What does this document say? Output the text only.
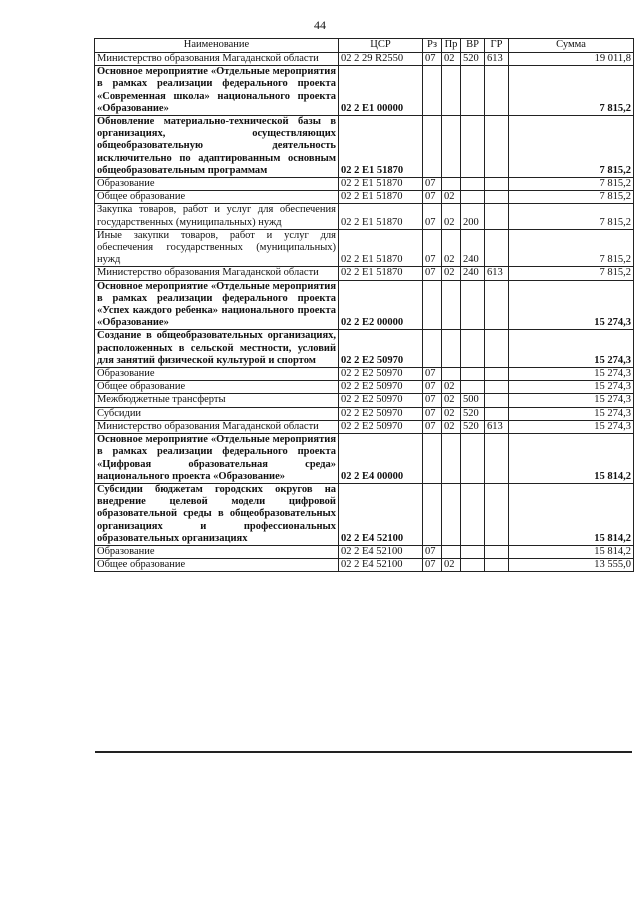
44
Наименование	ЦСР	Рз	Пр	ВР	ГР	Сумма
Министерство образования Магаданской области	02 2 29 R2550	07	02	520	613	19 011,8
Основное мероприятие «Отдельные мероприятия в рамках реализации федерального проекта «Современная школа» национального проекта «Образование»	02 2 E1 00000					7 815,2
Обновление материально-технической базы в организациях, осуществляющих общеобразовательную деятельность исключительно по адаптированным основным общеобразовательным программам	02 2 E1 51870					7 815,2
Образование	02 2 E1 51870	07				7 815,2
Общее образование	02 2 E1 51870	07	02			7 815,2
Закупка товаров, работ и услуг для обеспечения государственных (муниципальных) нужд	02 2 E1 51870	07	02	200		7 815,2
Иные закупки товаров, работ и услуг для обеспечения государственных (муниципальных) нужд	02 2 E1 51870	07	02	240		7 815,2
Министерство образования Магаданской области	02 2 E1 51870	07	02	240	613	7 815,2
Основное мероприятие «Отдельные мероприятия в рамках реализации федерального проекта «Успех каждого ребенка» национального проекта «Образование»	02 2 E2 00000					15 274,3
Создание в общеобразовательных организациях, расположенных в сельской местности, условий для занятий физической культурой и спортом	02 2 E2 50970					15 274,3
Образование	02 2 E2 50970	07				15 274,3
Общее образование	02 2 E2 50970	07	02			15 274,3
Межбюджетные трансферты	02 2 E2 50970	07	02	500		15 274,3
Субсидии	02 2 E2 50970	07	02	520		15 274,3
Министерство образования Магаданской области	02 2 E2 50970	07	02	520	613	15 274,3
Основное мероприятие «Отдельные мероприятия в рамках реализации федерального проекта «Цифровая образовательная среда» национального проекта «Образование»	02 2 E4 00000					15 814,2
Субсидии бюджетам городских округов на внедрение целевой модели цифровой образовательной среды в общеобразовательных организациях и профессиональных образовательных организациях	02 2 E4 52100					15 814,2
Образование	02 2 E4 52100	07				15 814,2
Общее образование	02 2 E4 52100	07	02			13 555,0
